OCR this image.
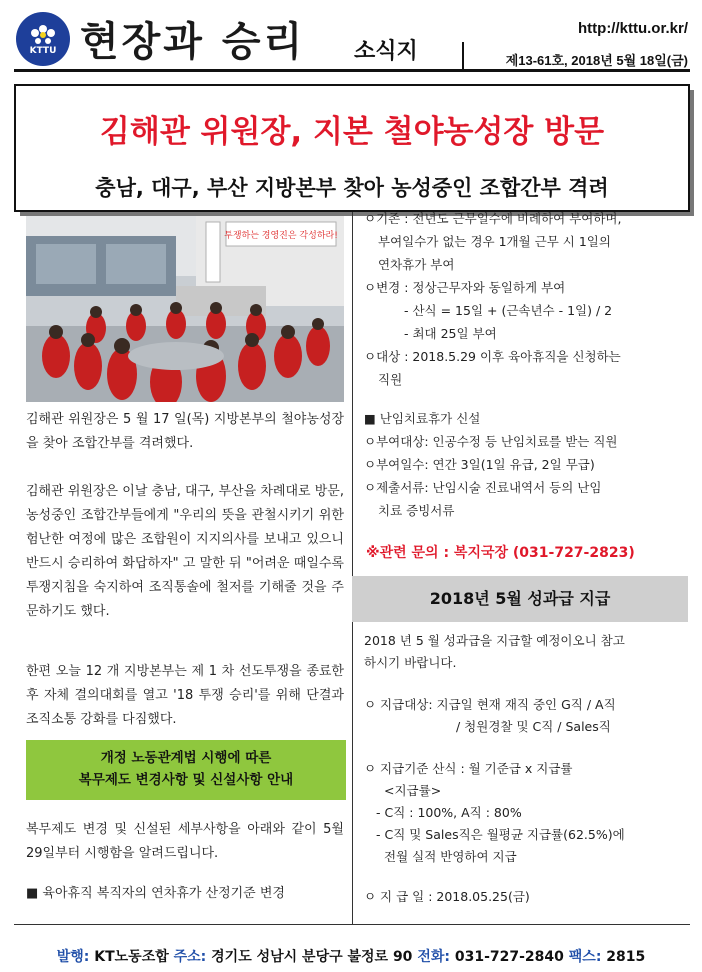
KTTU 현장과 승리 소식지
http://kttu.or.kr/
제13-61호, 2018년 5월 18일(금)
김해관 위원장, 지본 철야농성장 방문
충남, 대구, 부산 지방본부 찾아 농성중인 조합간부 격려
투쟁하는 경영진은 각성하라!
김해관 위원장은 5 월 17 일(목) 지방본부의 철야농성장을 찾아 조합간부를 격려했다.
김해관 위원장은 이날 충남, 대구, 부산을 차례대로 방문, 농성중인 조합간부들에게 "우리의 뜻을 관철시키기 위한 험난한 여정에 많은 조합원이 지지의사를 보내고 있으니 반드시 승리하여 화답하자" 고 말한 뒤 "어려운 때일수록 투쟁지침을 숙지하여 조직통솔에 철저를 기해줄 것을 주문하기도 했다.
한편 오늘 12 개 지방본부는 제 1 차 선도투쟁을 종료한 후 자체 결의대회를 열고 '18 투쟁 승리'를 위해 단결과 조직소통 강화를 다짐했다.
개정 노동관계법 시행에 따른
복무제도 변경사항 및 신설사항 안내
복무제도 변경 및 신설된 세부사항을 아래와 같이 5월 29일부터 시행함을 알려드립니다.
■ 육아휴직 복직자의 연차휴가 산정기준 변경
ㅇ기존 : 전년도 근무일수에 비례하여 부여하며,
부여일수가 없는 경우 1개월 근무 시 1일의
연차휴가 부여
ㅇ변경 : 정상근무자와 동일하게 부여
- 산식 = 15일 + (근속년수 - 1일) / 2
- 최대 25일 부여
ㅇ대상 : 2018.5.29 이후 육아휴직을 신청하는
직원
■ 난임치료휴가 신설
ㅇ부여대상: 인공수정 등 난임치료를 받는 직원
ㅇ부여일수: 연간 3일(1일 유급, 2일 무급)
ㅇ제출서류: 난임시술 진료내역서 등의 난임
치료 증빙서류
※관련 문의 : 복지국장 (031-727-2823)
2018년 5월 성과급 지급
2018 년 5 월 성과급을 지급할 예정이오니 참고
하시기 바랍니다.
ㅇ 지급대상: 지급일 현재 재직 중인 G직 / A직
/ 청원경찰 및 C직 / Sales직
ㅇ 지급기준 산식 : 월 기준급 x 지급률
<지급률>
- C직 : 100%, A직 : 80%
- C직 및 Sales직은 월평균 지급률(62.5%)에
전월 실적 반영하여 지급
ㅇ 지 급 일 : 2018.05.25(금)
발행: KT노동조합 주소: 경기도 성남시 분당구 불정로 90 전화: 031-727-2840 팩스: 2815
